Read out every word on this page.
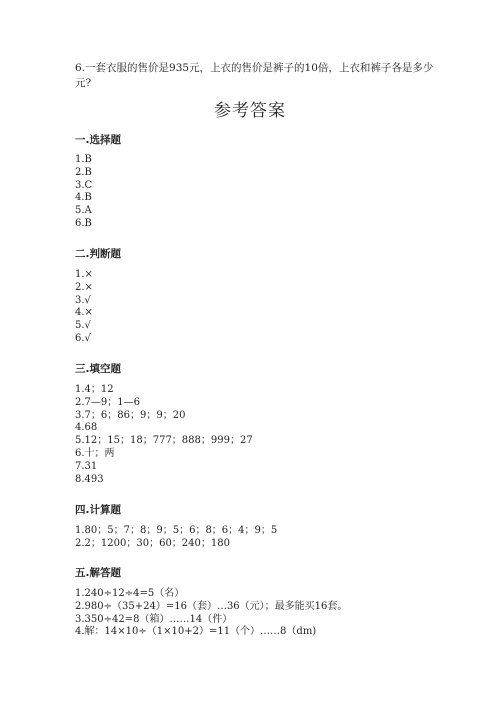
6.一套衣服的售价是935元，上衣的售价是裤子的10倍，上衣和裤子各是多少元?
参考答案
一.选择题
1.B
2.B
3.C
4.B
5.A
6.B
二.判断题
1.×
2.×
3.√
4.×
5.√
6.√
三.填空题
1.4；12
2.7—9；1—6
3.7；6；86；9；9；20
4.68
5.12；15；18；777；888；999；27
6.十；两
7.31
8.493
四.计算题
1.80；5；7；8；9；5；6；8；6；4；9；5
2.2；1200；30；60；240；180
五.解答题
1.240÷12÷4=5（名）
2.980÷（35+24）=16（套）…36（元）；最多能买16套。
3.350÷42=8（箱）……14（件）
4.解：14×10÷（1×10+2）=11（个）……8（dm)
